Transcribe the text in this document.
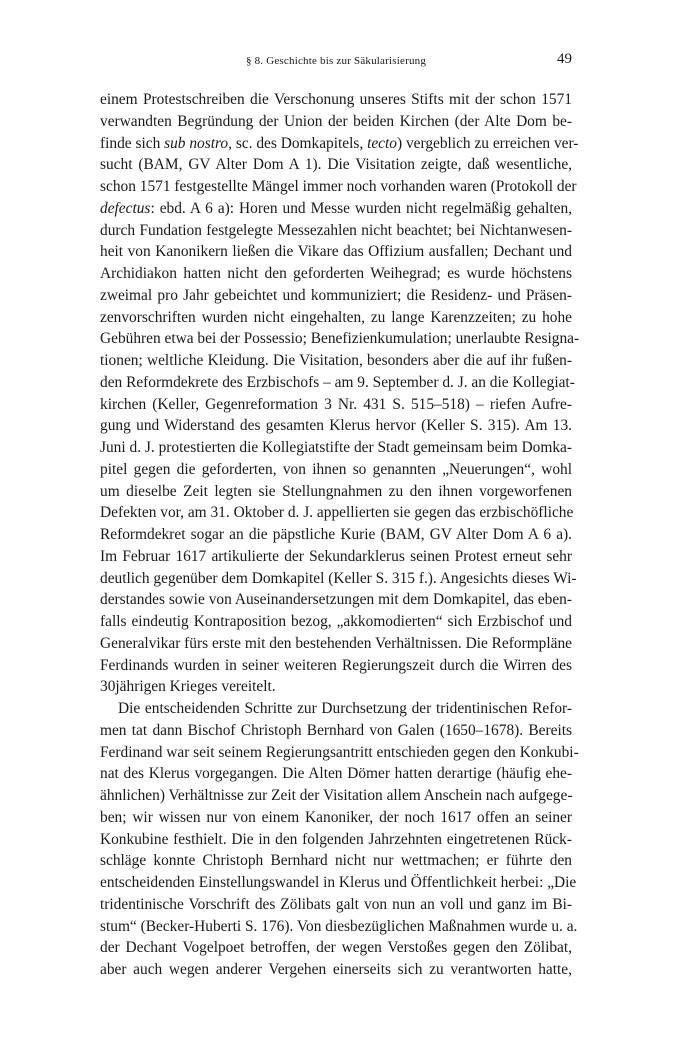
§ 8. Geschichte bis zur Säkularisierung	49
einem Protestschreiben die Verschonung unseres Stifts mit der schon 1571
verwandten Begründung der Union der beiden Kirchen (der Alte Dom be-
finde sich sub nostro, sc. des Domkapitels, tecto) vergeblich zu erreichen ver-
sucht (BAM, GV Alter Dom A 1). Die Visitation zeigte, daß wesentliche,
schon 1571 festgestellte Mängel immer noch vorhanden waren (Protokoll der
defectus: ebd. A 6 a): Horen und Messe wurden nicht regelmäßig gehalten,
durch Fundation festgelegte Messezahlen nicht beachtet; bei Nichtanwesen-
heit von Kanonikern ließen die Vikare das Offizium ausfallen; Dechant und
Archidiakon hatten nicht den geforderten Weihegrad; es wurde höchstens
zweimal pro Jahr gebeichtet und kommuniziert; die Residenz- und Präsen-
zenvorschriften wurden nicht eingehalten, zu lange Karenzzeiten; zu hohe
Gebühren etwa bei der Possessio; Benefizienkumulation; unerlaubte Resigna-
tionen; weltliche Kleidung. Die Visitation, besonders aber die auf ihr fußen-
den Reformdekrete des Erzbischofs – am 9. September d. J. an die Kollegiat-
kirchen (Keller, Gegenreformation 3 Nr. 431 S. 515–518) – riefen Aufre-
gung und Widerstand des gesamten Klerus hervor (Keller S. 315). Am 13.
Juni d. J. protestierten die Kollegiatstifte der Stadt gemeinsam beim Domka-
pitel gegen die geforderten, von ihnen so genannten „Neuerungen“, wohl
um dieselbe Zeit legten sie Stellungnahmen zu den ihnen vorgeworfenen
Defekten vor, am 31. Oktober d. J. appellierten sie gegen das erzbischöfliche
Reformdekret sogar an die päpstliche Kurie (BAM, GV Alter Dom A 6 a).
Im Februar 1617 artikulierte der Sekundarklerus seinen Protest erneut sehr
deutlich gegenüber dem Domkapitel (Keller S. 315 f.). Angesichts dieses Wi-
derstandes sowie von Auseinandersetzungen mit dem Domkapitel, das eben-
falls eindeutig Kontraposition bezog, „akkomodierten“ sich Erzbischof und
Generalvikar fürs erste mit den bestehenden Verhältnissen. Die Reformpläne
Ferdinands wurden in seiner weiteren Regierungszeit durch die Wirren des
30jährigen Krieges vereitelt.
Die entscheidenden Schritte zur Durchsetzung der tridentinischen Refor-
men tat dann Bischof Christoph Bernhard von Galen (1650–1678). Bereits
Ferdinand war seit seinem Regierungsantritt entschieden gegen den Konkubi-
nat des Klerus vorgegangen. Die Alten Dömer hatten derartige (häufig ehe-
ähnlichen) Verhältnisse zur Zeit der Visitation allem Anschein nach aufgege-
ben; wir wissen nur von einem Kanoniker, der noch 1617 offen an seiner
Konkubine festhielt. Die in den folgenden Jahrzehnten eingetretenen Rück-
schläge konnte Christoph Bernhard nicht nur wettmachen; er führte den
entscheidenden Einstellungswandel in Klerus und Öffentlichkeit herbei: „Die
tridentinische Vorschrift des Zölibats galt von nun an voll und ganz im Bi-
stum“ (Becker-Huberti S. 176). Von diesbezüglichen Maßnahmen wurde u. a.
der Dechant Vogelpoet betroffen, der wegen Verstoßes gegen den Zölibat,
aber auch wegen anderer Vergehen einerseits sich zu verantworten hatte,
